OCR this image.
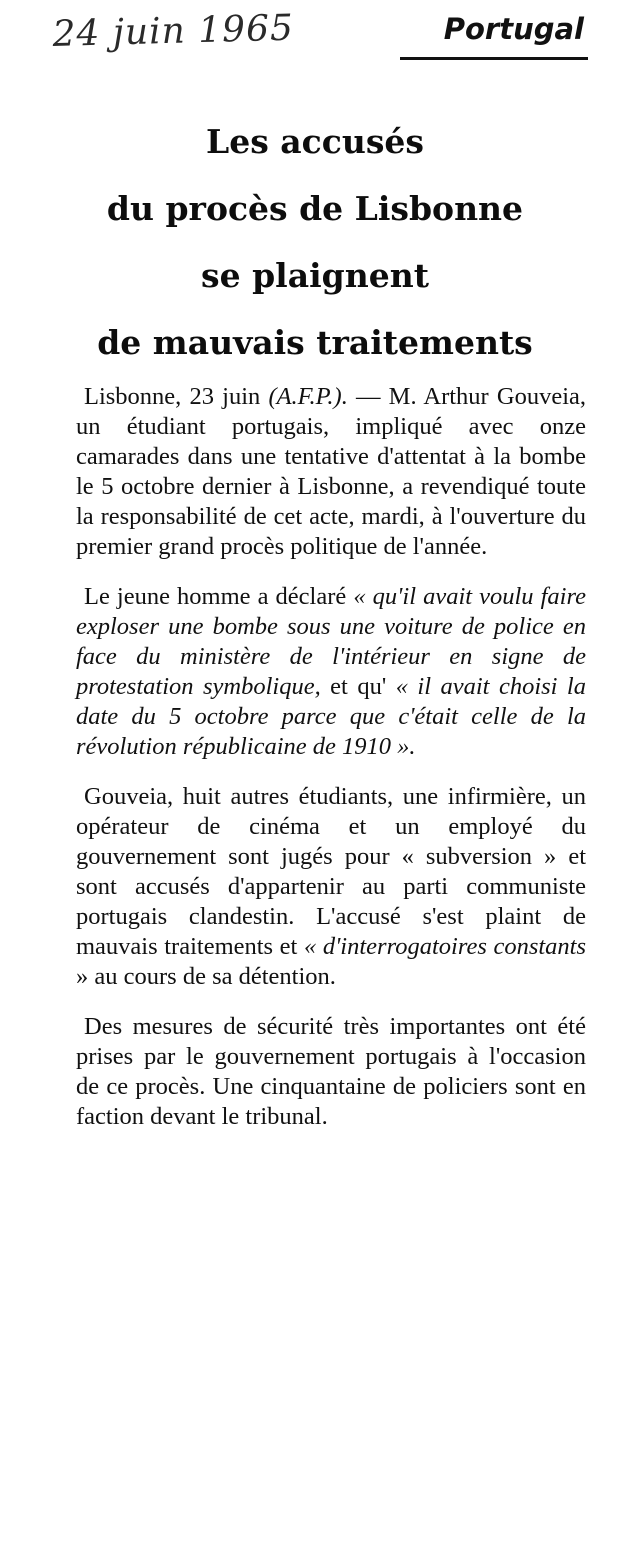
24 juin 1965	Portugal
Les accusés
du procès de Lisbonne
se plaignent
de mauvais traitements

Lisbonne, 23 juin (A.F.P.). — M. Arthur Gouveia, un étudiant portugais, impliqué avec onze camarades dans une tentative d'attentat à la bombe le 5 octobre dernier à Lisbonne, a revendiqué toute la responsabilité de cet acte, mardi, à l'ouverture du premier grand procès politique de l'année.

Le jeune homme a déclaré « qu'il avait voulu faire exploser une bombe sous une voiture de police en face du ministère de l'intérieur en signe de protestation symbolique, et qu' « il avait choisi la date du 5 octobre parce que c'était celle de la révolution républicaine de 1910 ».

Gouveia, huit autres étudiants, une infirmière, un opérateur de cinéma et un employé du gouvernement sont jugés pour « subversion » et sont accusés d'appartenir au parti communiste portugais clandestin. L'accusé s'est plaint de mauvais traitements et « d'interrogatoires constants » au cours de sa détention.

Des mesures de sécurité très importantes ont été prises par le gouvernement portugais à l'occasion de ce procès. Une cinquantaine de policiers sont en faction devant le tribunal.
